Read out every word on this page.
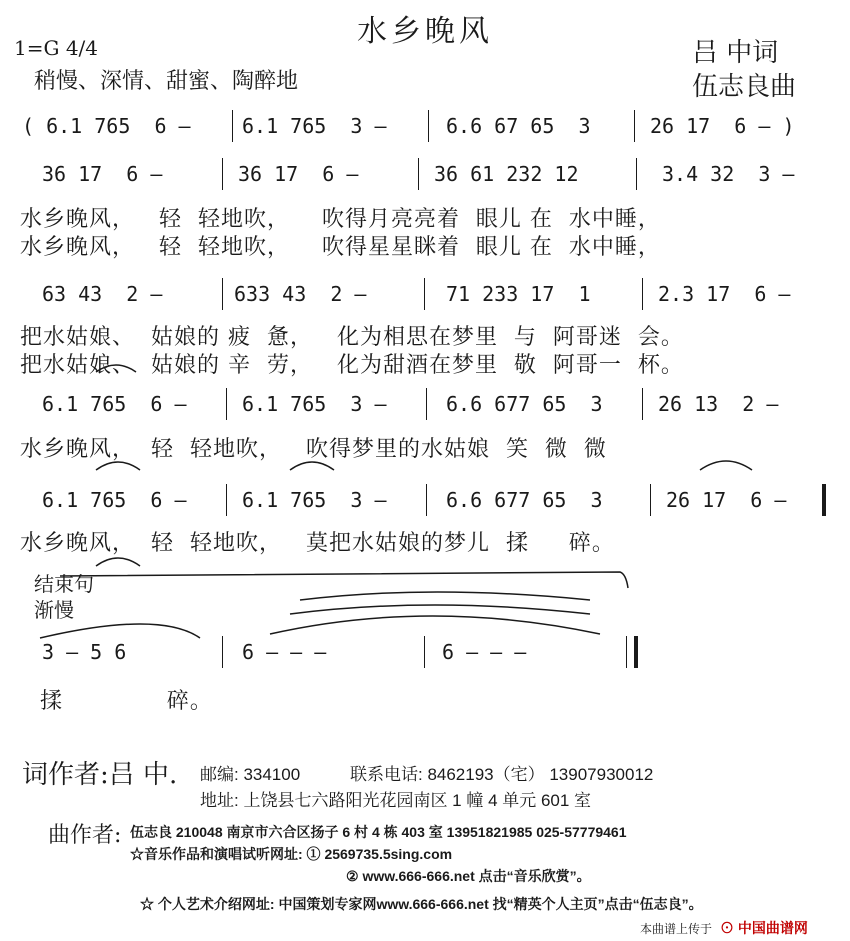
水乡晚风
1=G 4/4
稍慢、深情、甜蜜、陶醉地
吕 中词
伍志良曲
( 6.1 765  6 —	6.1 765  3 —	6.6 67 65  3	26 17  6 — )
36 17  6 —	36 17  6 —	36 61 232 12	3.4 32  3 —
水乡晚风，   轻  轻地吹，    吹得月亮亮着  眼儿 在  水中睡，
水乡晚风，   轻  轻地吹，    吹得星星眯着  眼儿 在  水中睡，
63 43  2 —	633 43  2 —	71 233 17  1	2.3 17  6 —
把水姑娘、  姑娘的 疲  惫，   化为相思在梦里  与  阿哥迷  会。
把水姑娘、  姑娘的 辛  劳，   化为甜酒在梦里  敬  阿哥一  杯。
6.1 765  6 —	6.1 765  3 —	6.6 677 65  3	26 13  2 —
水乡晚风，  轻  轻地吹，   吹得梦里的水姑娘  笑  微  微
6.1 765  6 —	6.1 765  3 —	6.6 677 65  3	26 17  6 —
水乡晚风，  轻  轻地吹，   莫把水姑娘的梦儿  揉     碎。
结束句
渐慢
3 — 5 6	6 — — —	6 — — —
揉             碎。
词作者:吕 中. 邮编: 334100	联系电话: 8462193（宅） 13907930012
地址: 上饶县七六路阳光花园南区 1 幢 4 单元 601 室
曲作者: 伍志良 210048 南京市六合区扬子 6 村 4 栋 403 室 13951821985 025-57779461
☆音乐作品和演唱试听网址: ① 2569735.5sing.com
② www.666-666.net 点击“音乐欣赏”。
☆ 个人艺术介绍网址: 中国策划专家网www.666-666.net 找“精英个人主页”点击“伍志良”。
本曲谱上传于 ⊙ 中国曲谱网
